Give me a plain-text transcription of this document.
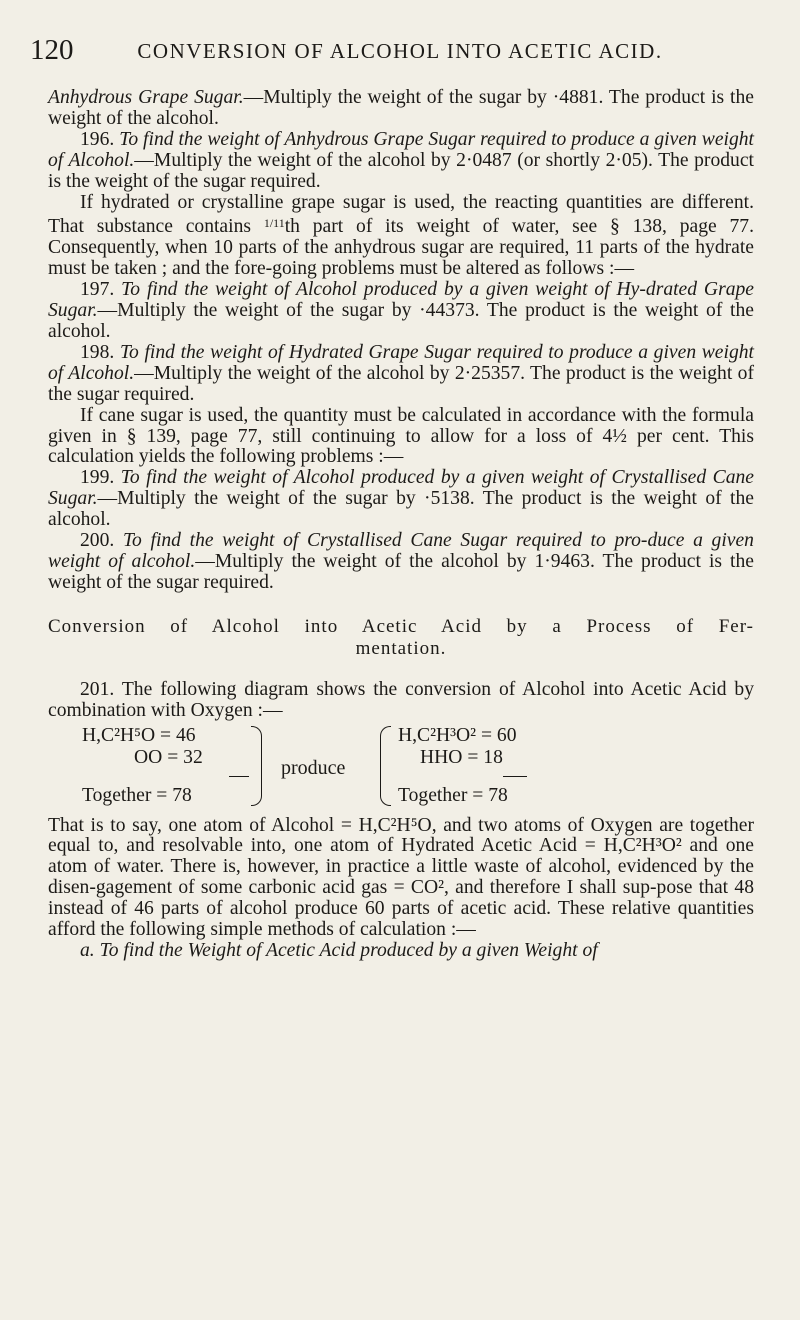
120	CONVERSION OF ALCOHOL INTO ACETIC ACID.

Anhydrous Grape Sugar.—Multiply the weight of the sugar by ·4881. The product is the weight of the alcohol.

196. To find the weight of Anhydrous Grape Sugar required to produce a given weight of Alcohol.—Multiply the weight of the alcohol by 2·0487 (or shortly 2·05). The product is the weight of the sugar required.

If hydrated or crystalline grape sugar is used, the reacting quantities are different. That substance contains $^{1/11}$th part of its weight of water, see § 138, page 77. Consequently, when 10 parts of the anhydrous sugar are required, 11 parts of the hydrate must be taken ; and the fore-going problems must be altered as follows :—

197. To find the weight of Alcohol produced by a given weight of Hy-drated Grape Sugar.—Multiply the weight of the sugar by ·44373. The product is the weight of the alcohol.

198. To find the weight of Hydrated Grape Sugar required to produce a given weight of Alcohol.—Multiply the weight of the alcohol by 2·25357. The product is the weight of the sugar required.

If cane sugar is used, the quantity must be calculated in accordance with the formula given in § 139, page 77, still continuing to allow for a loss of 4½ per cent. This calculation yields the following problems :—

199. To find the weight of Alcohol produced by a given weight of Crystallised Cane Sugar.—Multiply the weight of the sugar by ·5138. The product is the weight of the alcohol.

200. To find the weight of Crystallised Cane Sugar required to pro-duce a given weight of alcohol.—Multiply the weight of the alcohol by 1·9463. The product is the weight of the sugar required.

Conversion of Alcohol into Acetic Acid by a Process of Fer-
mentation.

201. The following diagram shows the conversion of Alcohol into Acetic Acid by combination with Oxygen :—

H,C²H⁵O = 46
OO = 32
Together = 78
produce
H,C²H³O² = 60
HHO = 18
Together = 78

That is to say, one atom of Alcohol = H,C²H⁵O, and two atoms of Oxygen are together equal to, and resolvable into, one atom of Hydrated Acetic Acid = H,C²H³O² and one atom of water. There is, however, in practice a little waste of alcohol, evidenced by the disen-gagement of some carbonic acid gas = CO², and therefore I shall sup-pose that 48 instead of 46 parts of alcohol produce 60 parts of acetic acid. These relative quantities afford the following simple methods of calculation :—

a. To find the Weight of Acetic Acid produced by a given Weight of
